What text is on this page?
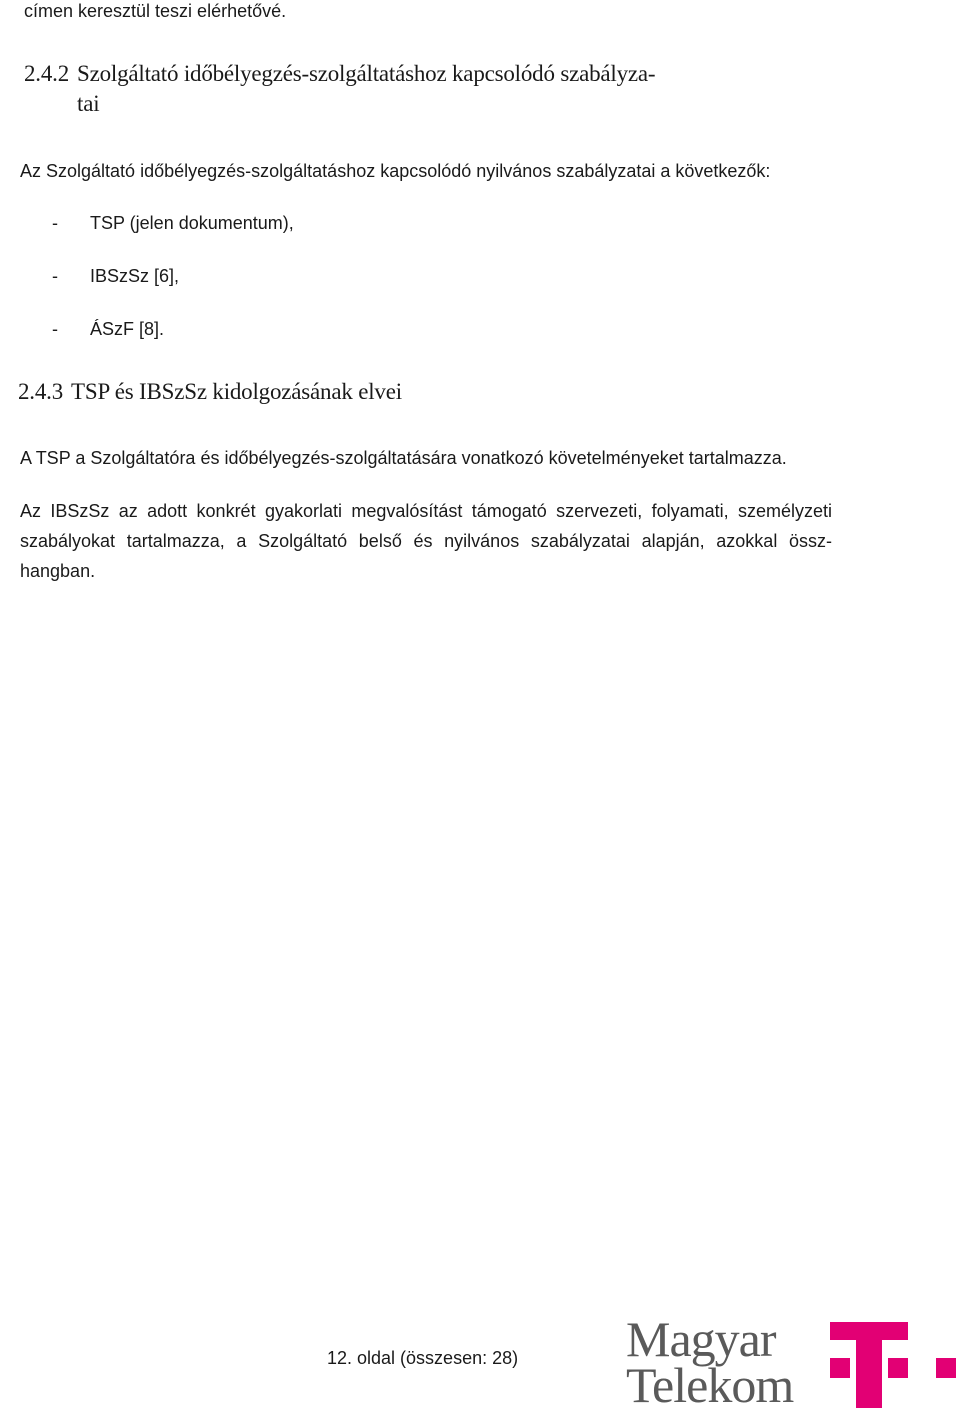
címen keresztül teszi elérhetővé.
2.4.2 Szolgáltató időbélyegzés-szolgáltatáshoz kapcsolódó szabályza-
tai
Az Szolgáltató időbélyegzés-szolgáltatáshoz kapcsolódó nyilvános szabályzatai a következők:
- TSP (jelen dokumentum),
- IBSzSz [6],
- ÁSzF [8].
2.4.3 TSP és IBSzSz kidolgozásának elvei
A TSP a Szolgáltatóra és időbélyegzés-szolgáltatására vonatkozó követelményeket tartalmazza.
Az IBSzSz az adott konkrét gyakorlati megvalósítást támogató szervezeti, folyamati, személyzeti szabályokat tartalmazza, a Szolgáltató belső és nyilvános szabályzatai alapján, azokkal össz-hangban.
12. oldal (összesen: 28) Magyar
Telekom
